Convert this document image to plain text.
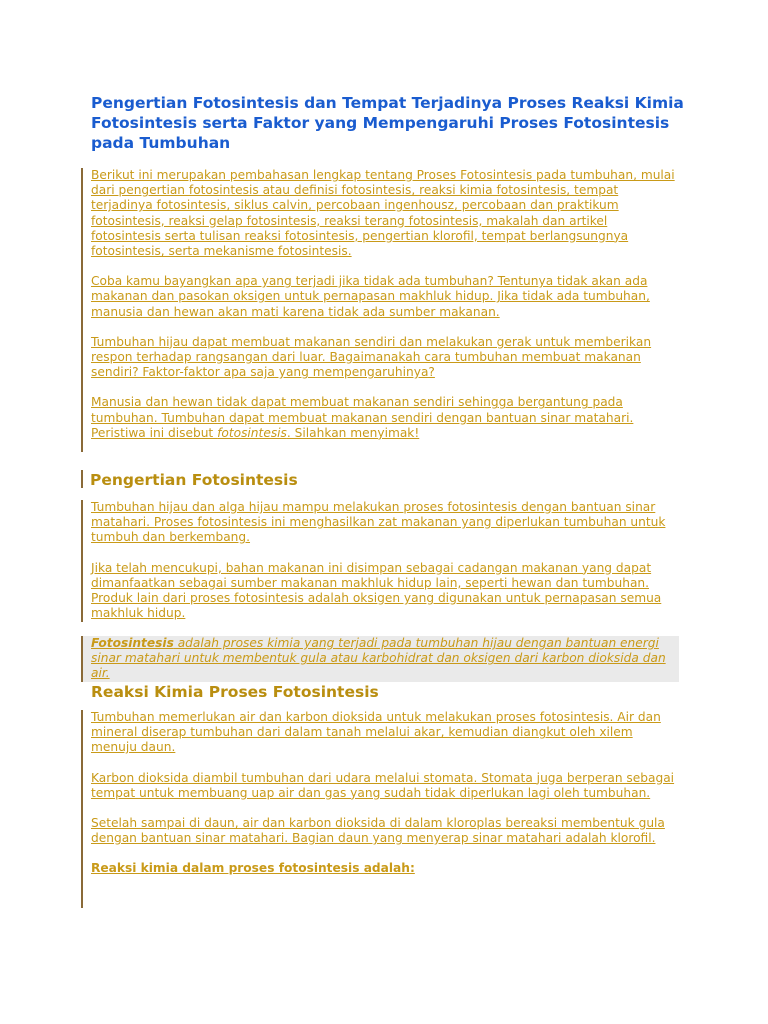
Pengertian Fotosintesis dan Tempat Terjadinya Proses Reaksi Kimia Fotosintesis serta Faktor yang Mempengaruhi Proses Fotosintesis pada Tumbuhan

Berikut ini merupakan pembahasan lengkap tentang Proses Fotosintesis pada tumbuhan, mulai dari pengertian fotosintesis atau definisi fotosintesis, reaksi kimia fotosintesis, tempat terjadinya fotosintesis, siklus calvin, percobaan ingenhousz, percobaan dan praktikum fotosintesis, reaksi gelap fotosintesis, reaksi terang fotosintesis, makalah dan artikel fotosintesis serta tulisan reaksi fotosintesis, pengertian klorofil, tempat berlangsungnya fotosintesis, serta mekanisme fotosintesis.

Coba kamu bayangkan apa yang terjadi jika tidak ada tumbuhan? Tentunya tidak akan ada makanan dan pasokan oksigen untuk pernapasan makhluk hidup. Jika tidak ada tumbuhan, manusia dan hewan akan mati karena tidak ada sumber makanan.

Tumbuhan hijau dapat membuat makanan sendiri dan melakukan gerak untuk memberikan respon terhadap rangsangan dari luar. Bagaimanakah cara tumbuhan membuat makanan sendiri? Faktor-faktor apa saja yang mempengaruhinya?

Manusia dan hewan tidak dapat membuat makanan sendiri sehingga bergantung pada tumbuhan. Tumbuhan dapat membuat makanan sendiri dengan bantuan sinar matahari. Peristiwa ini disebut fotosintesis. Silahkan menyimak!

Pengertian Fotosintesis

Tumbuhan hijau dan alga hijau mampu melakukan proses fotosintesis dengan bantuan sinar matahari. Proses fotosintesis ini menghasilkan zat makanan yang diperlukan tumbuhan untuk tumbuh dan berkembang.

Jika telah mencukupi, bahan makanan ini disimpan sebagai cadangan makanan yang dapat dimanfaatkan sebagai sumber makanan makhluk hidup lain, seperti hewan dan tumbuhan. Produk lain dari proses fotosintesis adalah oksigen yang digunakan untuk pernapasan semua makhluk hidup.

Fotosintesis adalah proses kimia yang terjadi pada tumbuhan hijau dengan bantuan energi sinar matahari untuk membentuk gula atau karbohidrat dan oksigen dari karbon dioksida dan air.

Reaksi Kimia Proses Fotosintesis

Tumbuhan memerlukan air dan karbon dioksida untuk melakukan proses fotosintesis. Air dan mineral diserap tumbuhan dari dalam tanah melalui akar, kemudian diangkut oleh xilem menuju daun.

Karbon dioksida diambil tumbuhan dari udara melalui stomata. Stomata juga berperan sebagai tempat untuk membuang uap air dan gas yang sudah tidak diperlukan lagi oleh tumbuhan.

Setelah sampai di daun, air dan karbon dioksida di dalam kloroplas bereaksi membentuk gula dengan bantuan sinar matahari. Bagian daun yang menyerap sinar matahari adalah klorofil.

Reaksi kimia dalam proses fotosintesis adalah:
